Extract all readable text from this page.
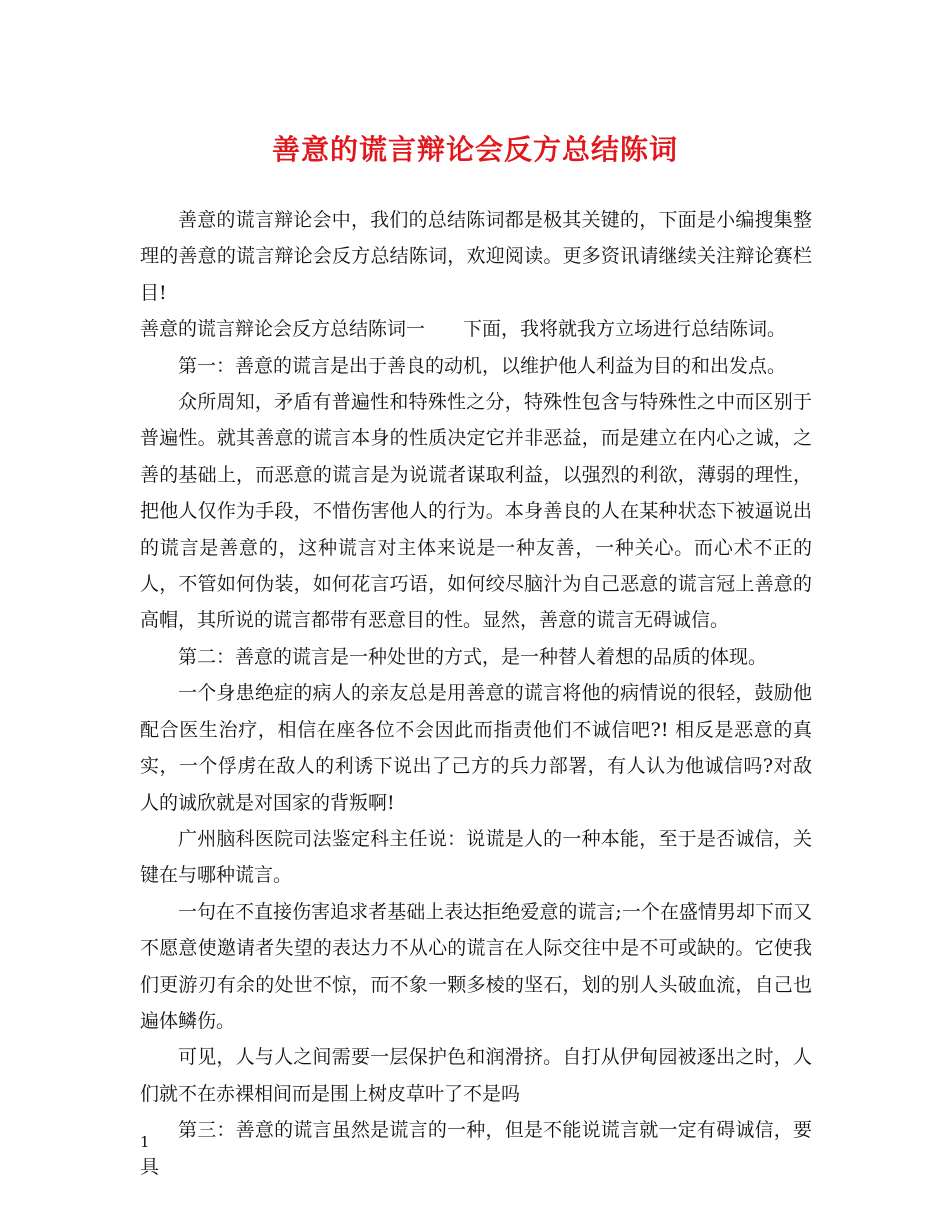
善意的谎言辩论会反方总结陈词

善意的谎言辩论会中，我们的总结陈词都是极其关键的，下面是小编搜集整理的善意的谎言辩论会反方总结陈词，欢迎阅读。更多资讯请继续关注辩论赛栏目!

善意的谎言辩论会反方总结陈词一　　下面，我将就我方立场进行总结陈词。

第一：善意的谎言是出于善良的动机，以维护他人利益为目的和出发点。

众所周知，矛盾有普遍性和特殊性之分，特殊性包含与特殊性之中而区别于普遍性。就其善意的谎言本身的性质决定它并非恶益，而是建立在内心之诚，之善的基础上，而恶意的谎言是为说谎者谋取利益，以强烈的利欲，薄弱的理性，把他人仅作为手段，不惜伤害他人的行为。本身善良的人在某种状态下被逼说出的谎言是善意的，这种谎言对主体来说是一种友善，一种关心。而心术不正的人，不管如何伪装，如何花言巧语，如何绞尽脑汁为自己恶意的谎言冠上善意的高帽，其所说的谎言都带有恶意目的性。显然，善意的谎言无碍诚信。

第二：善意的谎言是一种处世的方式，是一种替人着想的品质的体现。

一个身患绝症的病人的亲友总是用善意的谎言将他的病情说的很轻，鼓励他配合医生治疗，相信在座各位不会因此而指责他们不诚信吧?! 相反是恶意的真实，一个俘虏在敌人的利诱下说出了己方的兵力部署，有人认为他诚信吗?对敌人的诚欣就是对国家的背叛啊!

广州脑科医院司法鉴定科主任说：说谎是人的一种本能，至于是否诚信，关键在与哪种谎言。

一句在不直接伤害追求者基础上表达拒绝爱意的谎言;一个在盛情男却下而又不愿意使邀请者失望的表达力不从心的谎言在人际交往中是不可或缺的。它使我们更游刃有余的处世不惊，而不象一颗多棱的坚石，划的别人头破血流，自己也遍体鳞伤。

可见，人与人之间需要一层保护色和润滑挤。自打从伊甸园被逐出之时，人们就不在赤裸相间而是围上树皮草叶了不是吗

第三：善意的谎言虽然是谎言的一种，但是不能说谎言就一定有碍诚信，要具

1
